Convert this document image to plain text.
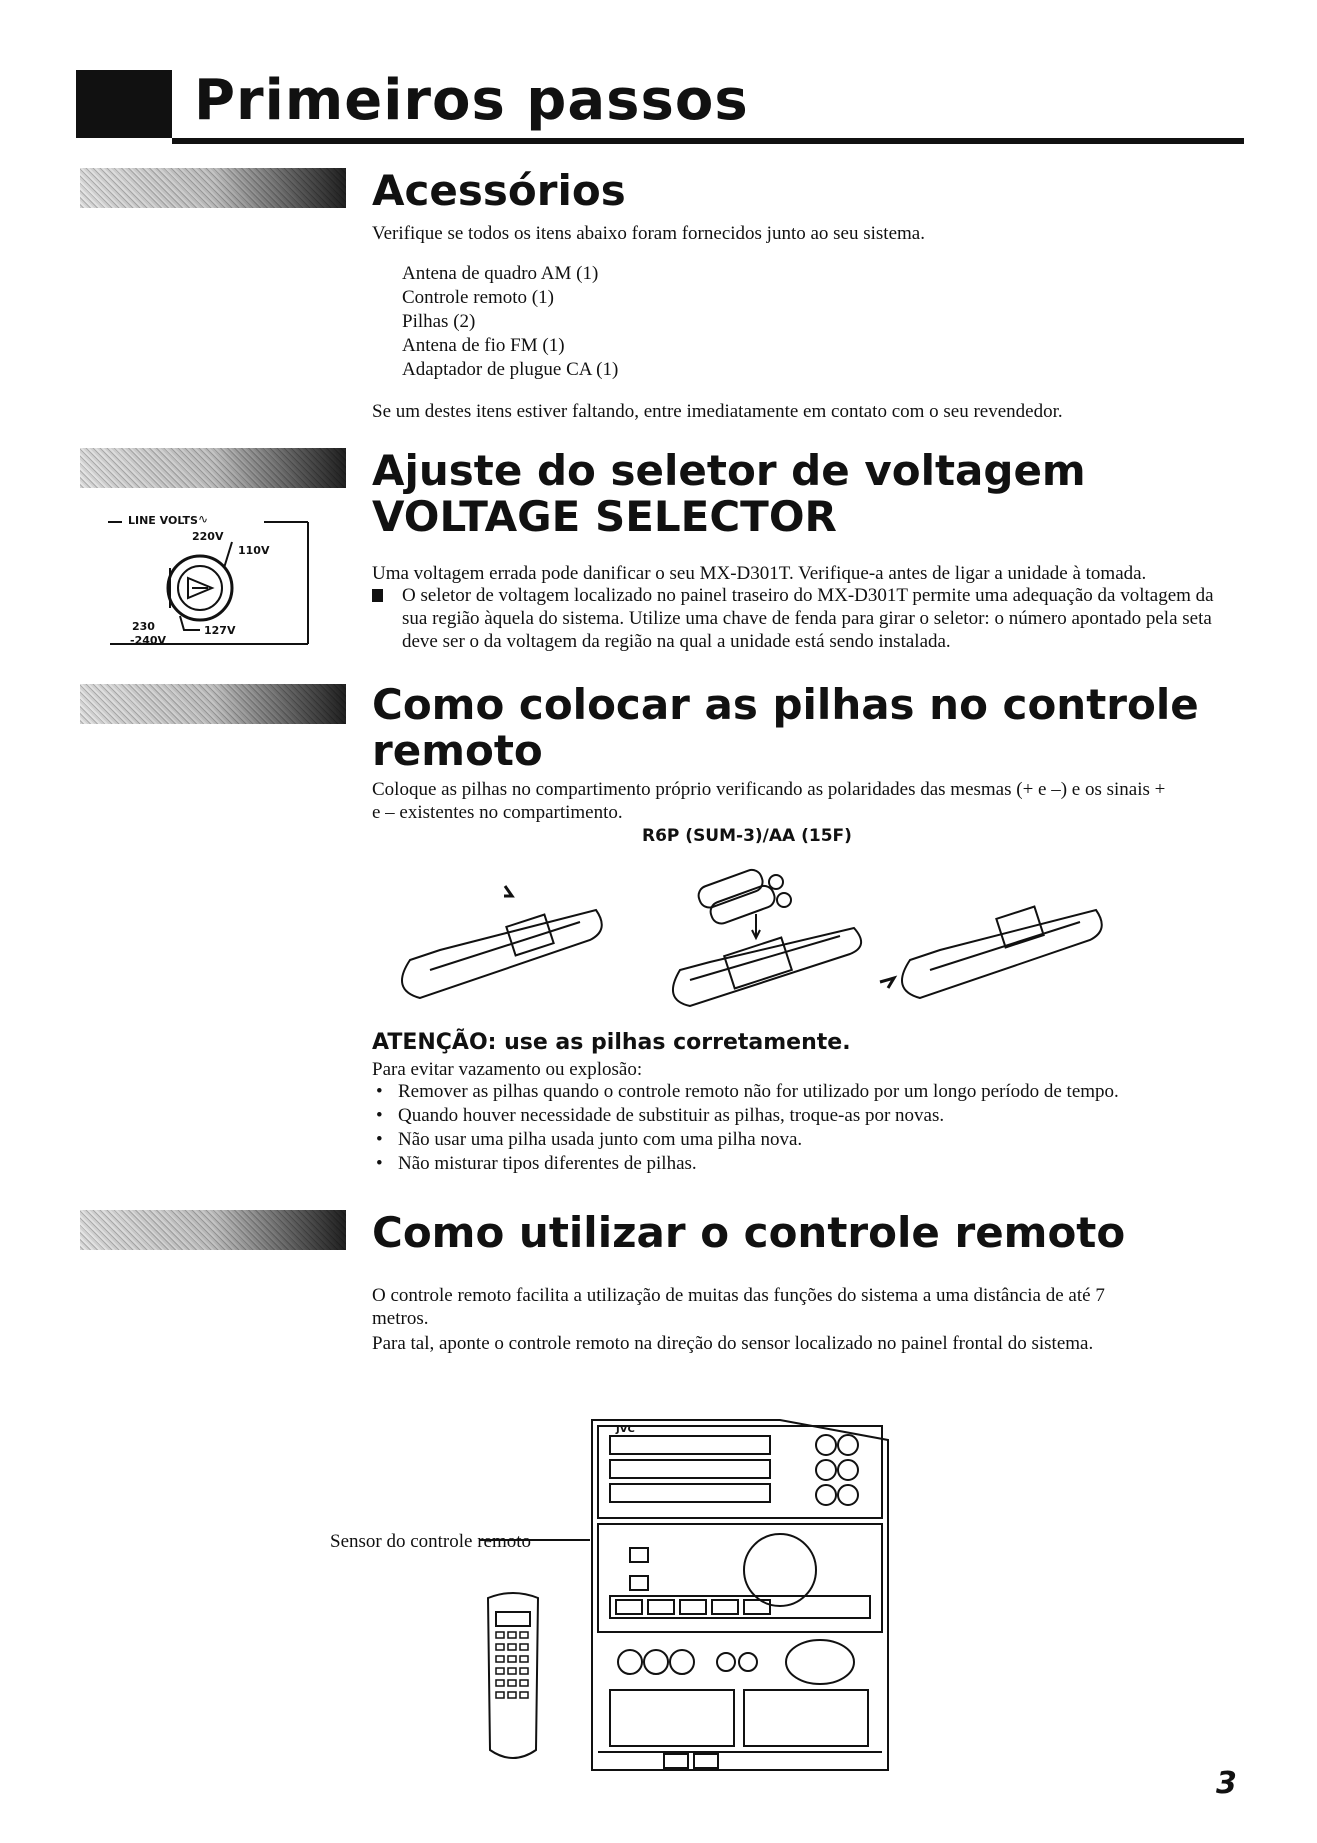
Primeiros passos
Acessórios
Verifique se todos os itens abaixo foram fornecidos junto ao seu sistema.
Antena de quadro AM (1)
Controle remoto (1)
Pilhas (2)
Antena de fio FM (1)
Adaptador de plugue CA (1)
Se um destes itens estiver faltando, entre imediatamente em contato com o seu revendedor.
Ajuste do seletor de voltagem
VOLTAGE SELECTOR
LINE VOLTS ∿
220V
110V
230
-240V
127V
Uma voltagem errada pode danificar o seu MX-D301T. Verifique-a antes de ligar a unidade à tomada.
O seletor de voltagem localizado no painel traseiro do MX-D301T permite uma adequação da voltagem da sua região àquela do sistema. Utilize uma chave de fenda para girar o seletor: o número apontado pela seta deve ser o da voltagem da região na qual a unidade está sendo instalada.
Como colocar as pilhas no controle
remoto
Coloque as pilhas no compartimento próprio verificando as polaridades das mesmas (+ e –) e os sinais + e – existentes no compartimento.
R6P (SUM-3)/AA (15F)
ATENÇÃO: use as pilhas corretamente.
Para evitar vazamento ou explosão:
• Remover as pilhas quando o controle remoto não for utilizado por um longo período de tempo.
• Quando houver necessidade de substituir as pilhas, troque-as por novas.
• Não usar uma pilha usada junto com uma pilha nova.
• Não misturar tipos diferentes de pilhas.
Como utilizar o controle remoto
O controle remoto facilita a utilização de muitas das funções do sistema a uma distância de até 7 metros.
Para tal, aponte o controle remoto na direção do sensor localizado no painel frontal do sistema.
Sensor do controle remoto
JVC
3
